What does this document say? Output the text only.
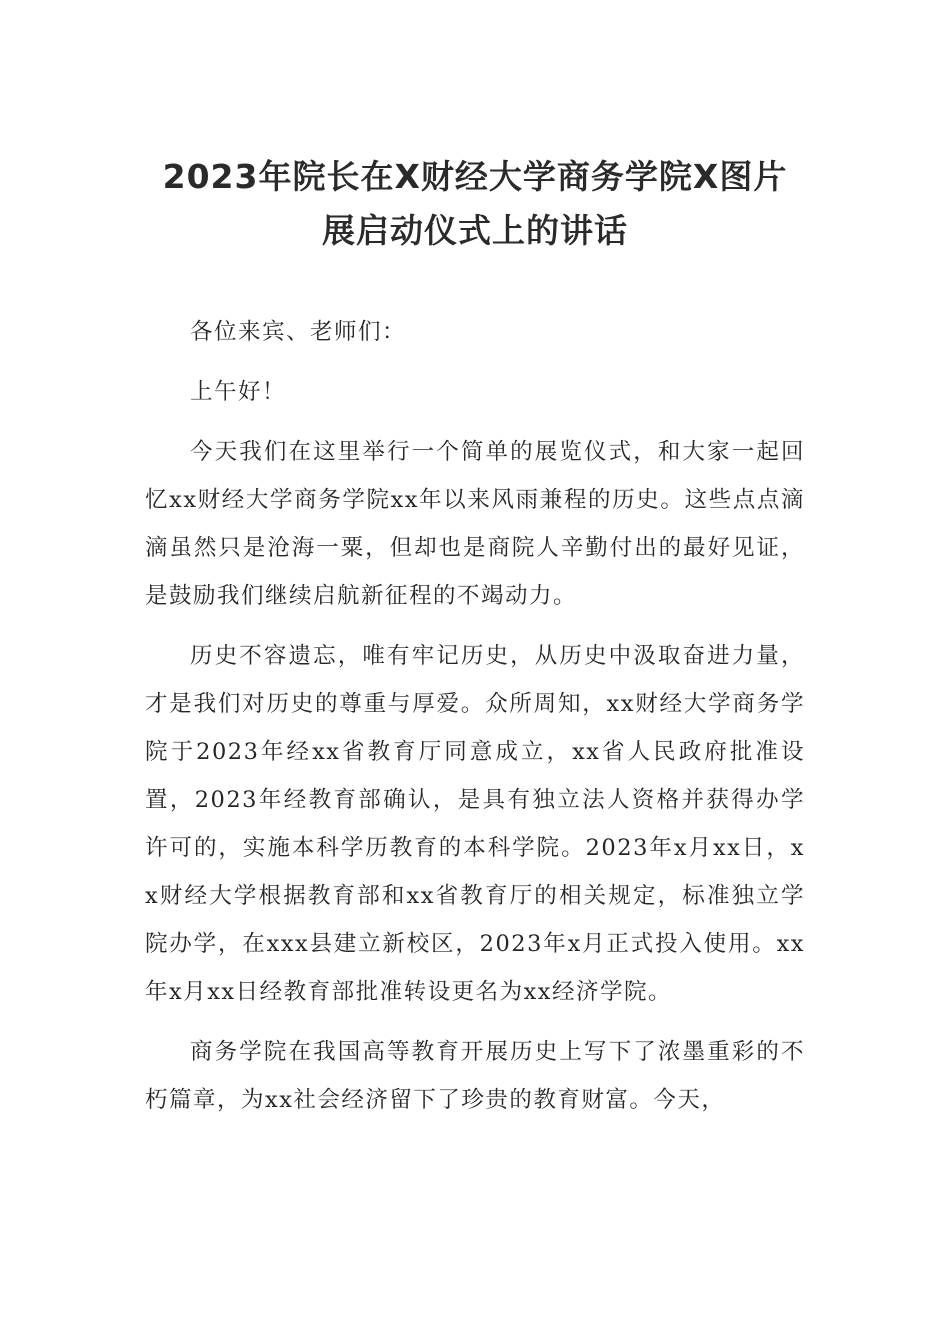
2023年院长在X财经大学商务学院X图片
展启动仪式上的讲话

各位来宾、老师们：

上午好！

今天我们在这里举行一个简单的展览仪式，和大家一起回忆xx财经大学商务学院xx年以来风雨兼程的历史。这些点点滴滴虽然只是沧海一粟，但却也是商院人辛勤付出的最好见证，是鼓励我们继续启航新征程的不竭动力。

历史不容遗忘，唯有牢记历史，从历史中汲取奋进力量，才是我们对历史的尊重与厚爱。众所周知，xx财经大学商务学院于2023年经xx省教育厅同意成立，xx省人民政府批准设置，2023年经教育部确认，是具有独立法人资格并获得办学许可的，实施本科学历教育的本科学院。2023年x月xx日，xx财经大学根据教育部和xx省教育厅的相关规定，标准独立学院办学，在xxx县建立新校区，2023年x月正式投入使用。xx年x月xx日经教育部批准转设更名为xx经济学院。

商务学院在我国高等教育开展历史上写下了浓墨重彩的不朽篇章，为xx社会经济留下了珍贵的教育财富。今天，
